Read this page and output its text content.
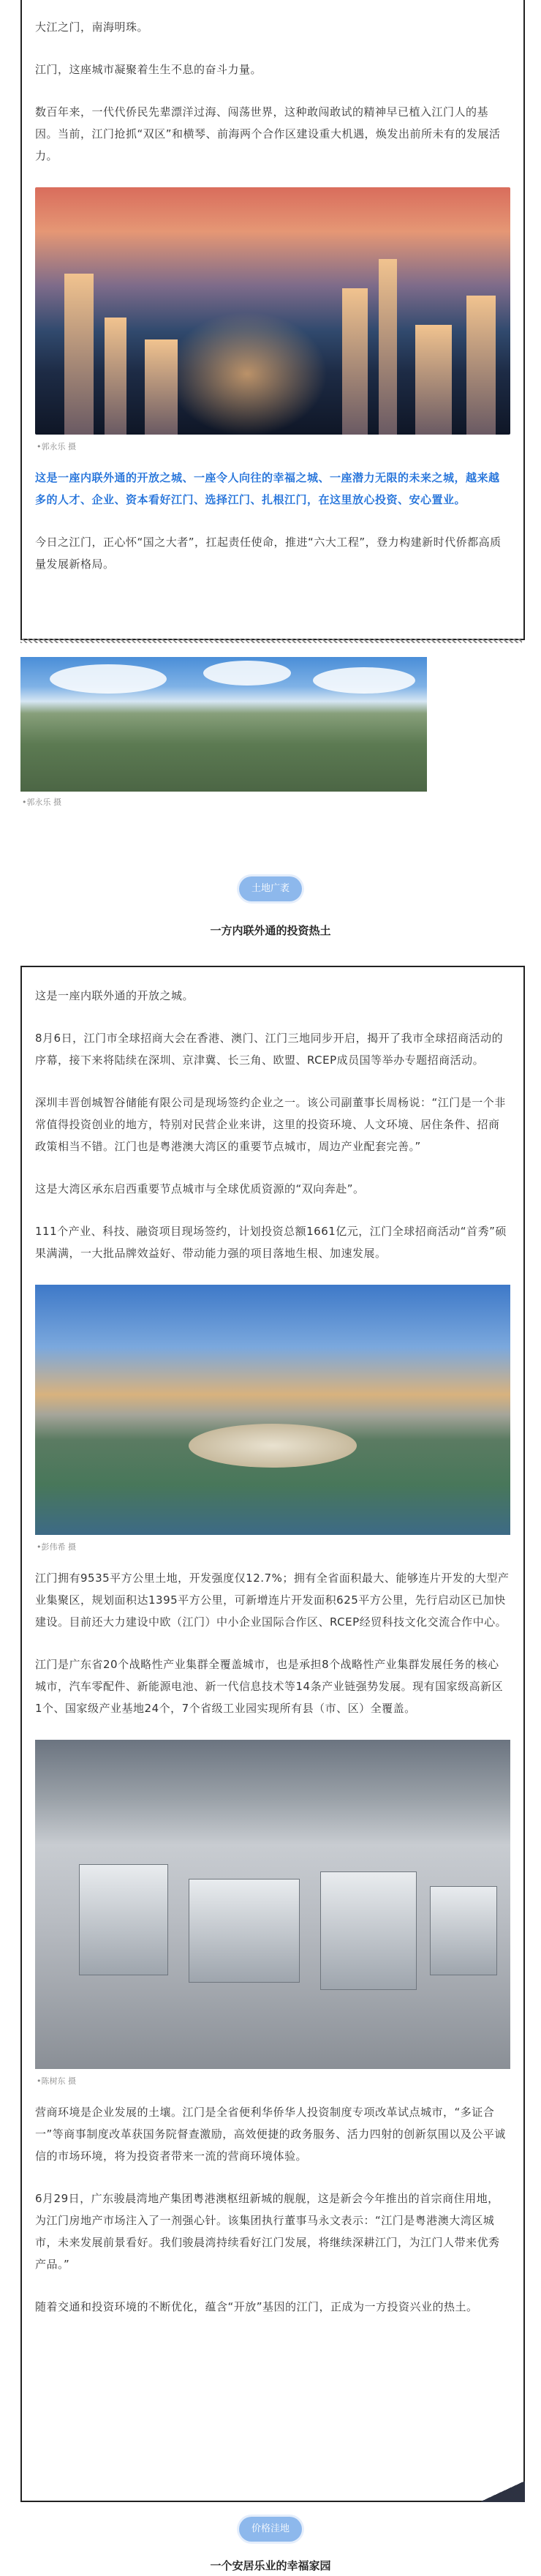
大江之门，南海明珠。

江门，这座城市凝聚着生生不息的奋斗力量。

数百年来，一代代侨民先辈漂洋过海、闯荡世界，这种敢闯敢试的精神早已植入江门人的基因。当前，江门抢抓“双区”和横琴、前海两个合作区建设重大机遇，焕发出前所未有的发展活力。

•郭永乐 摄

这是一座内联外通的开放之城、一座令人向往的幸福之城、一座潜力无限的未来之城，越来越多的人才、企业、资本看好江门、选择江门、扎根江门，在这里放心投资、安心置业。

今日之江门，正心怀“国之大者”，扛起责任使命，推进“六大工程”，登力构建新时代侨都高质量发展新格局。

•郭永乐 摄
土地广袤
一方内联外通的投资热土

这是一座内联外通的开放之城。

8月6日，江门市全球招商大会在香港、澳门、江门三地同步开启，揭开了我市全球招商活动的序幕，接下来将陆续在深圳、京津冀、长三角、欧盟、RCEP成员国等举办专题招商活动。

深圳丰晋创城智谷储能有限公司是现场签约企业之一。该公司副董事长周杨说：“江门是一个非常值得投资创业的地方，特别对民营企业来讲，这里的投资环境、人文环境、居住条件、招商政策相当不错。江门也是粤港澳大湾区的重要节点城市，周边产业配套完善。”

这是大湾区承东启西重要节点城市与全球优质资源的“双向奔赴”。

111个产业、科技、融资项目现场签约，计划投资总额1661亿元，江门全球招商活动“首秀”硕果满满，一大批品牌效益好、带动能力强的项目落地生根、加速发展。

•彭伟希 摄

江门拥有9535平方公里土地，开发强度仅12.7%；拥有全省面积最大、能够连片开发的大型产业集聚区，规划面积达1395平方公里，可新增连片开发面积625平方公里，先行启动区已加快建设。目前还大力建设中欧（江门）中小企业国际合作区、RCEP经贸科技文化交流合作中心。

江门是广东省20个战略性产业集群全覆盖城市，也是承担8个战略性产业集群发展任务的核心城市，汽车零配件、新能源电池、新一代信息技术等14条产业链强势发展。现有国家级高新区1个、国家级产业基地24个，7个省级工业园实现所有县（市、区）全覆盖。

•陈树东 摄

营商环境是企业发展的土壤。江门是全省便利华侨华人投资制度专项改革试点城市，“多证合一”等商事制度改革获国务院督查激励，高效便捷的政务服务、活力四射的创新氛围以及公平诚信的市场环境，将为投资者带来一流的营商环境体验。

6月29日，广东骏晨湾地产集团粤港澳枢纽新城的舰舰，这是新会今年推出的首宗商住用地，为江门房地产市场注入了一剂强心针。该集团执行董事马永文表示：“江门是粤港澳大湾区城市，未来发展前景看好。我们骏晨湾持续看好江门发展，将继续深耕江门，为江门人带来优秀产品。”

随着交通和投资环境的不断优化，蕴含“开放”基因的江门，正成为一方投资兴业的热土。

价格洼地
一个安居乐业的幸福家园
